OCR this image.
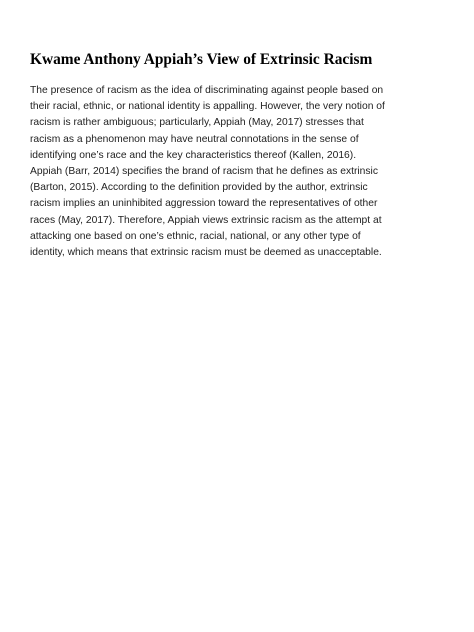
Kwame Anthony Appiah’s View of Extrinsic Racism
The presence of racism as the idea of discriminating against people based on
their racial, ethnic, or national identity is appalling. However, the very notion of
racism is rather ambiguous; particularly, Appiah (May, 2017) stresses that
racism as a phenomenon may have neutral connotations in the sense of
identifying one’s race and the key characteristics thereof (Kallen, 2016).
Appiah (Barr, 2014) specifies the brand of racism that he defines as extrinsic
(Barton, 2015). According to the definition provided by the author, extrinsic
racism implies an uninhibited aggression toward the representatives of other
races (May, 2017). Therefore, Appiah views extrinsic racism as the attempt at
attacking one based on one’s ethnic, racial, national, or any other type of
identity, which means that extrinsic racism must be deemed as unacceptable.
